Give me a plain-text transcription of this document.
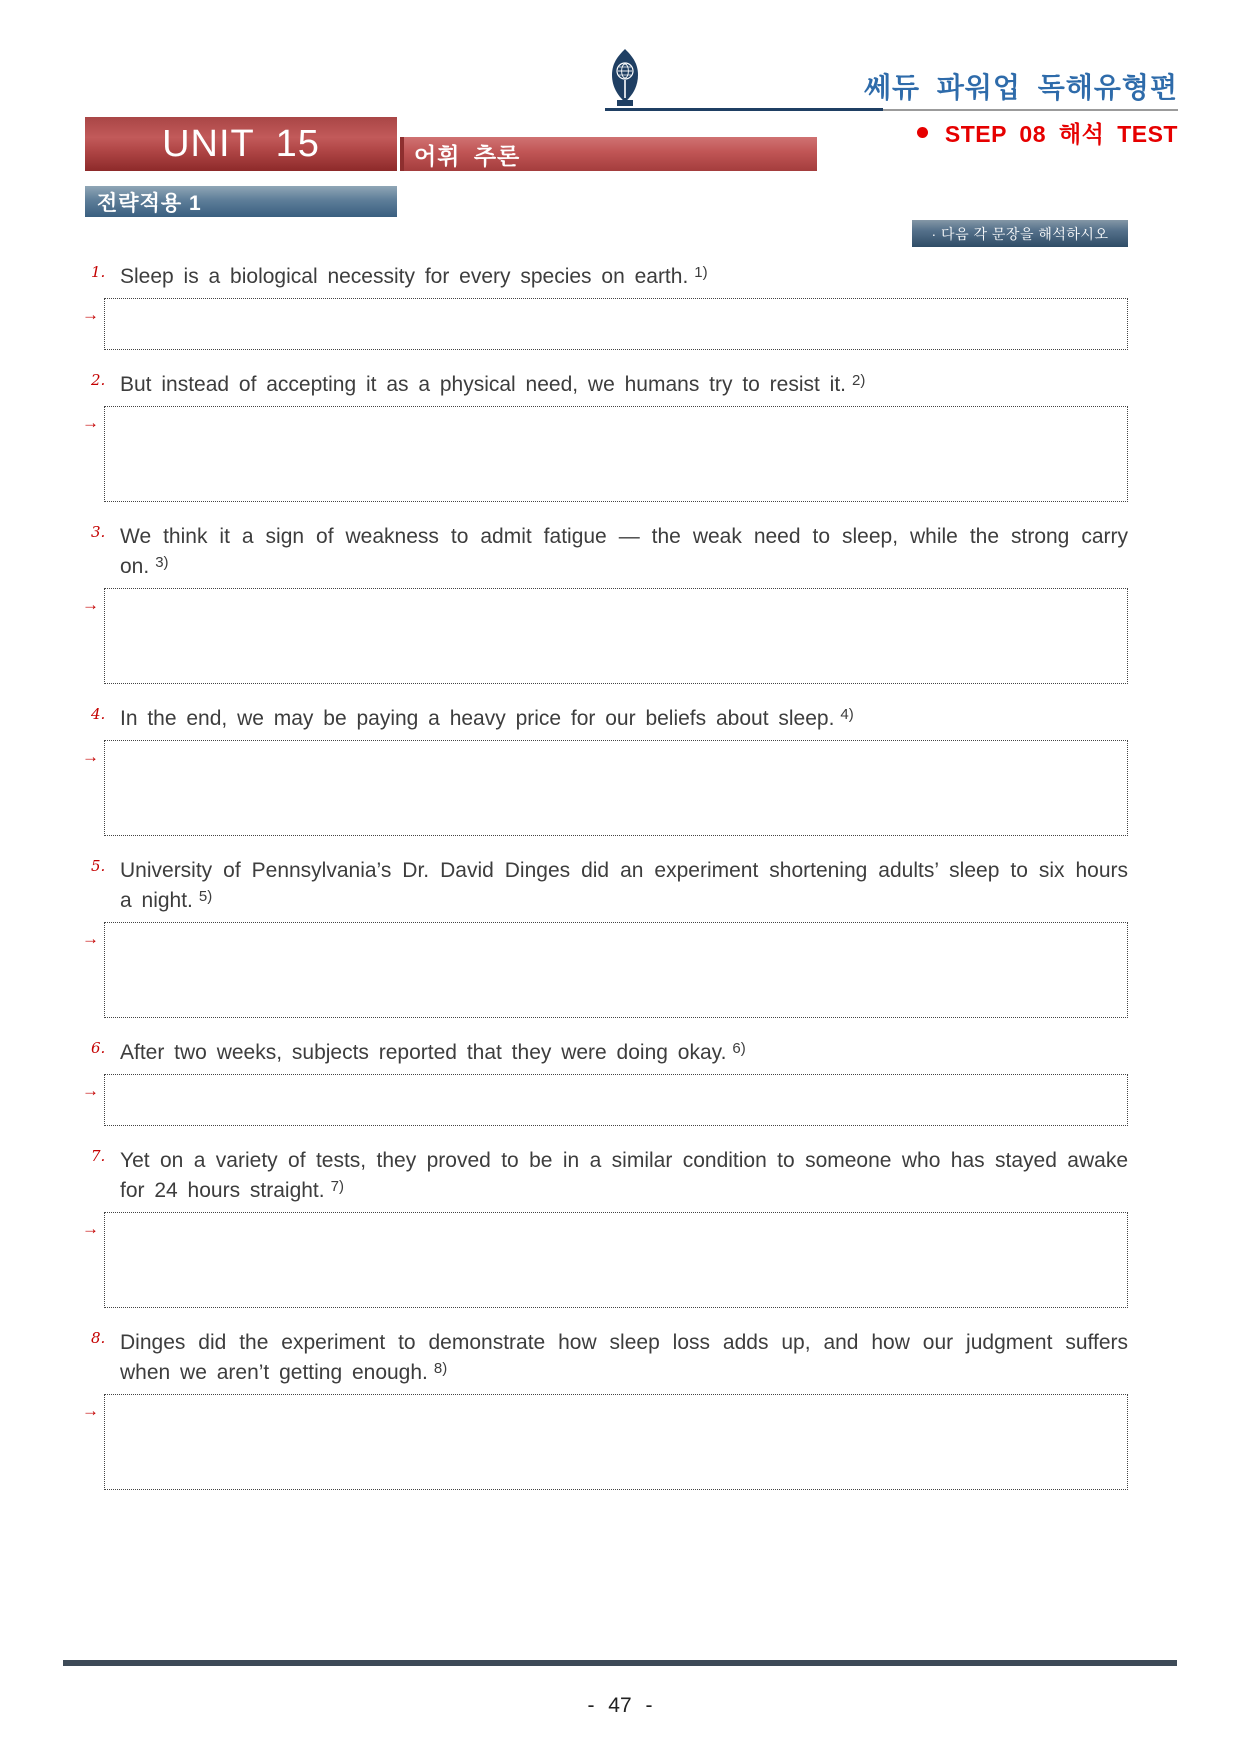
쎄듀 파워업 독해유형편
STEP 08 해석 TEST
UNIT 15	어휘 추론
전략적용 1
· 다음 각 문장을 해석하시오
1. Sleep is a biological necessity for every species on earth. $^{1)}$

→
2. But instead of accepting it as a physical need, we humans try to resist it. $^{2)}$

→
3. We think it a sign of weakness to admit fatigue — the weak need to sleep, while the strong carry on. $^{3)}$

→
4. In the end, we may be paying a heavy price for our beliefs about sleep. $^{4)}$

→
5. University of Pennsylvania’s Dr. David Dinges did an experiment shortening adults’ sleep to six hours a night. $^{5)}$

→
6. After two weeks, subjects reported that they were doing okay. $^{6)}$

→
7. Yet on a variety of tests, they proved to be in a similar condition to someone who has stayed awake for 24 hours straight. $^{7)}$

→
8. Dinges did the experiment to demonstrate how sleep loss adds up, and how our judgment suffers when we aren’t getting enough. $^{8)}$

→
- 47 -
